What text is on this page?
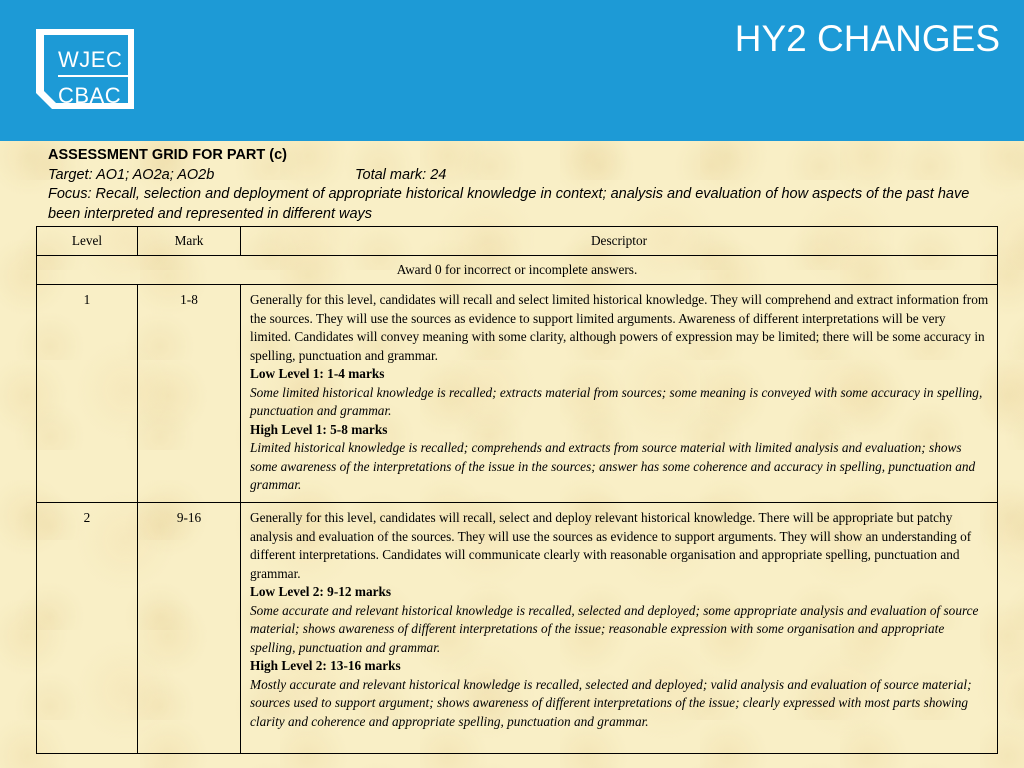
WJEC
CBAC
HY2 CHANGES
ASSESSMENT GRID FOR PART (c)
Target: AO1; AO2a; AO2b	Total mark: 24
Focus: Recall, selection and deployment of appropriate historical knowledge in context; analysis and evaluation of how aspects of the past have been interpreted and represented in different ways
Level	Mark	Descriptor
Award 0 for incorrect or incomplete answers.		
1	1-8	Generally for this level, candidates will recall and select limited historical knowledge. They will comprehend and extract information from the sources. They will use the sources as evidence to support limited arguments. Awareness of different interpretations will be very limited. Candidates will convey meaning with some clarity, although powers of expression may be limited; there will be some accuracy in spelling, punctuation and grammar.

Low Level 1: 1-4 marks

Some limited historical knowledge is recalled; extracts material from sources; some meaning is conveyed with some accuracy in spelling, punctuation and grammar.

High Level 1: 5-8 marks

Limited historical knowledge is recalled; comprehends and extracts from source material with limited analysis and evaluation; shows some awareness of the interpretations of the issue in the sources; answer has some coherence and accuracy in spelling, punctuation and grammar.

2	9-16	Generally for this level, candidates will recall, select and deploy relevant historical knowledge. There will be appropriate but patchy analysis and evaluation of the sources. They will use the sources as evidence to support arguments. They will show an understanding of different interpretations. Candidates will communicate clearly with reasonable organisation and appropriate spelling, punctuation and grammar.

Low Level 2: 9-12 marks

Some accurate and relevant historical knowledge is recalled, selected and deployed; some appropriate analysis and evaluation of source material; shows awareness of different interpretations of the issue; reasonable expression with some organisation and appropriate spelling, punctuation and grammar.

High Level 2: 13-16 marks

Mostly accurate and relevant historical knowledge is recalled, selected and deployed; valid analysis and evaluation of source material; sources used to support argument; shows awareness of different interpretations of the issue; clearly expressed with most parts showing clarity and coherence and appropriate spelling, punctuation and grammar.
